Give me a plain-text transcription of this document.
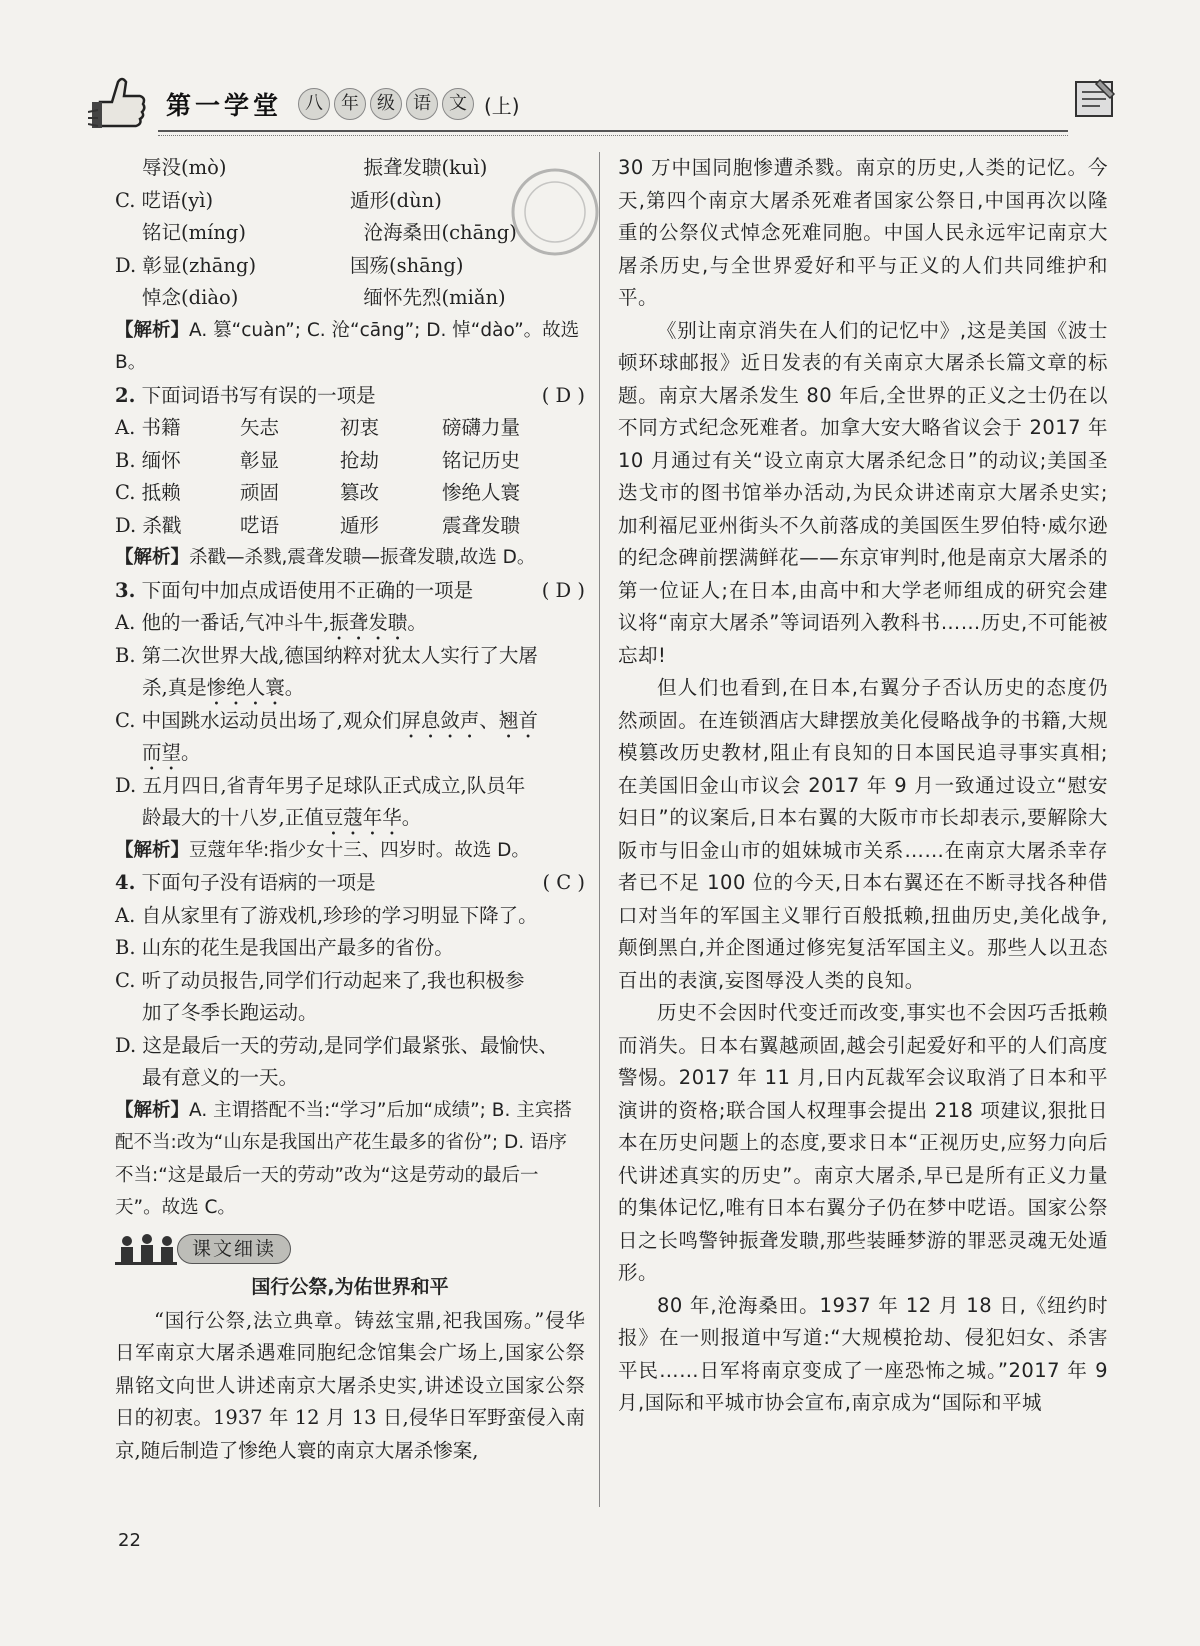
第一学堂	八	年	级	语	文 (上)
辱没(mò)	振聋发聩(kuì)
C. 呓语(yì)	遁形(dùn)
铭记(míng)	沧海桑田(chāng)
D. 彰显(zhāng)	国殇(shāng)
悼念(diào)	缅怀先烈(miǎn)
【解析】A. 篡“cuàn”; C. 沧“cāng”; D. 悼“dào”。故选 B。
2. 下面词语书写有误的一项是	( D )
A. 书籍	矢志	初衷	磅礴力量
B. 缅怀	彰显	抢劫	铭记历史
C. 抵赖	顽固	篡改	惨绝人寰
D. 杀戳	呓语	遁形	震聋发聩
【解析】杀戳—杀戮,震聋发聩—振聋发聩,故选 D。
3. 下面句中加点成语使用不正确的一项是	( D )
A. 他的一番话,气冲斗牛, 振聋发聩 。
B. 第二次世界大战,德国纳粹对犹太人实行了大屠
杀,真是 惨绝人寰 。
C. 中国跳水运动员出场了,观众们 屏息敛声 、 翘首
而望 。
D. 五月四日,省青年男子足球队正式成立,队员年
龄最大的十八岁,正值 豆蔻年华 。
【解析】豆蔻年华:指少女十三、四岁时。故选 D。
4. 下面句子没有语病的一项是	( C )
A. 自从家里有了游戏机,珍珍的学习明显下降了。
B. 山东的花生是我国出产最多的省份。
C. 听了动员报告,同学们行动起来了,我也积极参
加了冬季长跑运动。
D. 这是最后一天的劳动,是同学们最紧张、最愉快、
最有意义的一天。
【解析】A. 主谓搭配不当:“学习”后加“成绩”; B. 主宾搭配不当:改为“山东是我国出产花生最多的省份”; D. 语序不当:“这是最后一天的劳动”改为“这是劳动的最后一天”。故选 C。
课文细读
国行公祭,为佑世界和平
“国行公祭,法立典章。铸兹宝鼎,祀我国殇。”侵华日军南京大屠杀遇难同胞纪念馆集会广场上,国家公祭鼎铭文向世人讲述南京大屠杀史实,讲述设立国家公祭日的初衷。1937 年 12 月 13 日,侵华日军野蛮侵入南京,随后制造了惨绝人寰的南京大屠杀惨案,
30 万中国同胞惨遭杀戮。南京的历史,人类的记忆。今天,第四个南京大屠杀死难者国家公祭日,中国再次以隆重的公祭仪式悼念死难同胞。中国人民永远牢记南京大屠杀历史,与全世界爱好和平与正义的人们共同维护和平。
《别让南京消失在人们的记忆中》,这是美国《波士顿环球邮报》近日发表的有关南京大屠杀长篇文章的标题。南京大屠杀发生 80 年后,全世界的正义之士仍在以不同方式纪念死难者。加拿大安大略省议会于 2017 年 10 月通过有关“设立南京大屠杀纪念日”的动议;美国圣迭戈市的图书馆举办活动,为民众讲述南京大屠杀史实;加利福尼亚州街头不久前落成的美国医生罗伯特·威尔逊的纪念碑前摆满鲜花——东京审判时,他是南京大屠杀的第一位证人;在日本,由高中和大学老师组成的研究会建议将“南京大屠杀”等词语列入教科书……历史,不可能被忘却!
但人们也看到,在日本,右翼分子否认历史的态度仍然顽固。在连锁酒店大肆摆放美化侵略战争的书籍,大规模篡改历史教材,阻止有良知的日本国民追寻事实真相;在美国旧金山市议会 2017 年 9 月一致通过设立“慰安妇日”的议案后,日本右翼的大阪市市长却表示,要解除大阪市与旧金山市的姐妹城市关系……在南京大屠杀幸存者已不足 100 位的今天,日本右翼还在不断寻找各种借口对当年的军国主义罪行百般抵赖,扭曲历史,美化战争,颠倒黑白,并企图通过修宪复活军国主义。那些人以丑态百出的表演,妄图辱没人类的良知。
历史不会因时代变迁而改变,事实也不会因巧舌抵赖而消失。日本右翼越顽固,越会引起爱好和平的人们高度警惕。2017 年 11 月,日内瓦裁军会议取消了日本和平演讲的资格;联合国人权理事会提出 218 项建议,狠批日本在历史问题上的态度,要求日本“正视历史,应努力向后代讲述真实的历史”。南京大屠杀,早已是所有正义力量的集体记忆,唯有日本右翼分子仍在梦中呓语。国家公祭日之长鸣警钟振聋发聩,那些装睡梦游的罪恶灵魂无处遁形。
80 年,沧海桑田。1937 年 12 月 18 日,《纽约时报》在一则报道中写道:“大规模抢劫、侵犯妇女、杀害平民……日军将南京变成了一座恐怖之城。”2017 年 9 月,国际和平城市协会宣布,南京成为“国际和平城
22
